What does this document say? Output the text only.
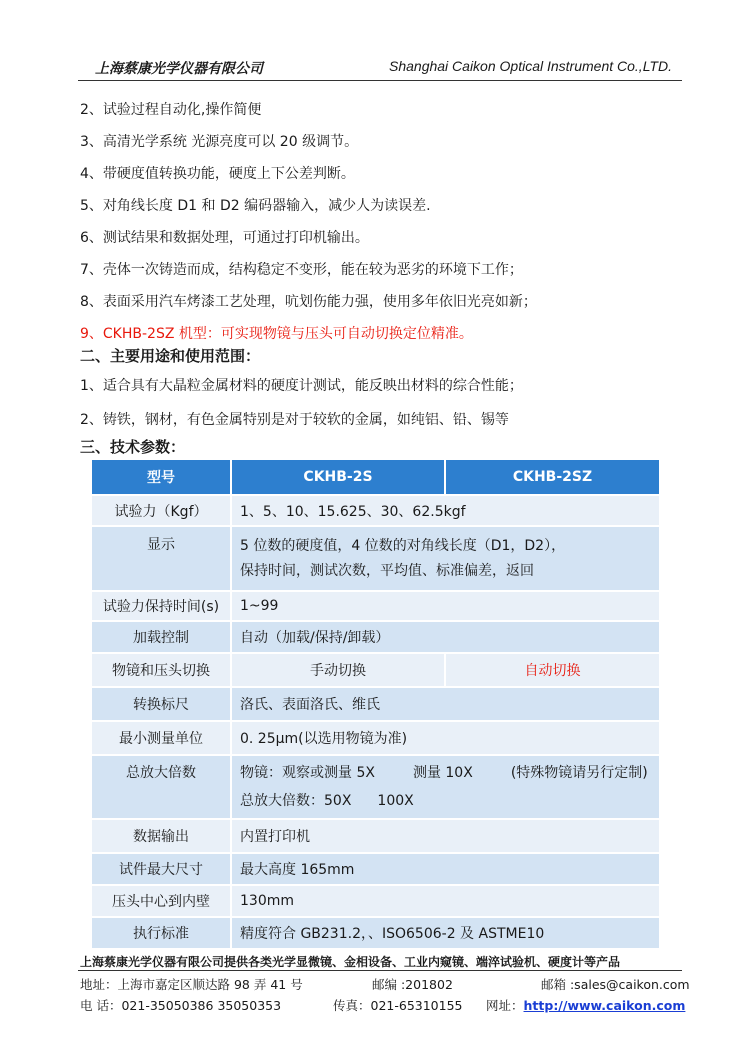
上海蔡康光学仪器有限公司	Shanghai Caikon Optical Instrument Co.,LTD.
2、试验过程自动化,操作简便
3、高清光学系统 光源亮度可以 20 级调节。
4、带硬度值转换功能，硬度上下公差判断。
5、对角线长度 D1 和 D2 编码器输入，减少人为读误差.
6、测试结果和数据处理，可通过打印机输出。
7、壳体一次铸造而成，结构稳定不变形，能在较为恶劣的环境下工作；
8、表面采用汽车烤漆工艺处理，吭划伤能力强，使用多年依旧光亮如新；
9、CKHB-2SZ 机型：可实现物镜与压头可自动切换定位精准。
二、主要用途和使用范围：
1、适合具有大晶粒金属材料的硬度计测试，能反映出材料的综合性能；
2、铸铁，钢材，有色金属特别是对于较软的金属，如纯铝、铅、锡等
三、技术参数：
型号	CKHB-2S	CKHB-2SZ
试验力（Kgf）	1、5、10、15.625、30、62.5kgf	
显示	5 位数的硬度值，4 位数的对角线长度（D1，D2），
保持时间，测试次数，平均值、标准偏差，返回	

试验力保持时间(s)	1~99	
加载控制	自动（加载/保持/卸载）	
物镜和压头切换	手动切换	自动切换
转换标尺	洛氏、表面洛氏、维氏	
最小测量单位	0. 25μm(以选用物镜为准)	
总放大倍数	物镜：观察或测量 5X 测量 10X (特殊物镜请另行定制)
总放大倍数：50X 100X	

数据输出	内置打印机	
试件最大尺寸	最大高度 165mm	
压头中心到内壁	130mm	
执行标准	精度符合 GB231.2，、ISO6506-2 及 ASTME10	
上海蔡康光学仪器有限公司提供各类光学显微镜、金相设备、工业内窥镜、端淬试验机、硬度计等产品
地址：上海市嘉定区顺达路 98 弄 41 号	邮编 :201802	邮箱 :sales@caikon.com
电 话：021-35050386 35050353	传真：021-65310155 网址：http://www.caikon.com
